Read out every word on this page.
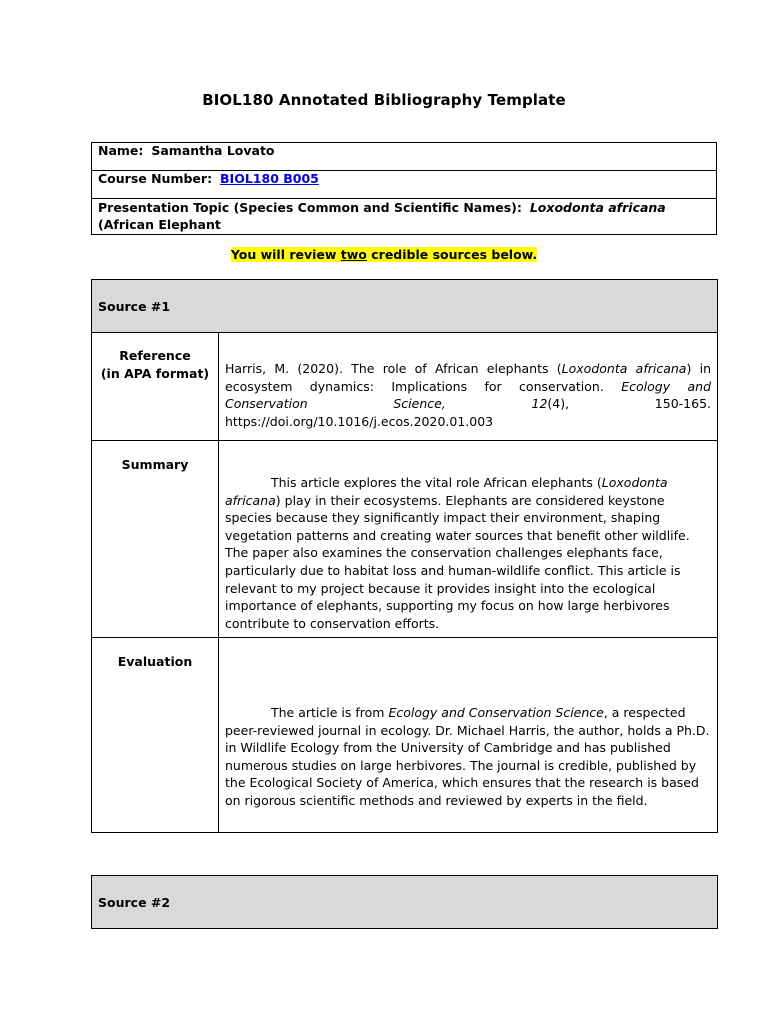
BIOL180 Annotated Bibliography Template
Name: Samantha Lovato
Course Number: BIOL180 B005
Presentation Topic (Species Common and Scientific Names): Loxodonta africana
(African Elephant
You will review two credible sources below.
Source #1	
Reference
(in APA format)	Harris, M. (2020). The role of African elephants (Loxodonta africana) in ecosystem dynamics: Implications for conservation. Ecology and Conservation Science, 12(4), 150-165. https://doi.org/10.1016/j.ecos.2020.01.003
Summary	This article explores the vital role African elephants (Loxodonta africana) play in their ecosystems. Elephants are considered keystone species because they significantly impact their environment, shaping vegetation patterns and creating water sources that benefit other wildlife. The paper also examines the conservation challenges elephants face, particularly due to habitat loss and human-wildlife conflict. This article is relevant to my project because it provides insight into the ecological importance of elephants, supporting my focus on how large herbivores contribute to conservation efforts.
Evaluation	The article is from Ecology and Conservation Science, a respected peer-reviewed journal in ecology. Dr. Michael Harris, the author, holds a Ph.D. in Wildlife Ecology from the University of Cambridge and has published numerous studies on large herbivores. The journal is credible, published by the Ecological Society of America, which ensures that the research is based on rigorous scientific methods and reviewed by experts in the field.
Source #2
